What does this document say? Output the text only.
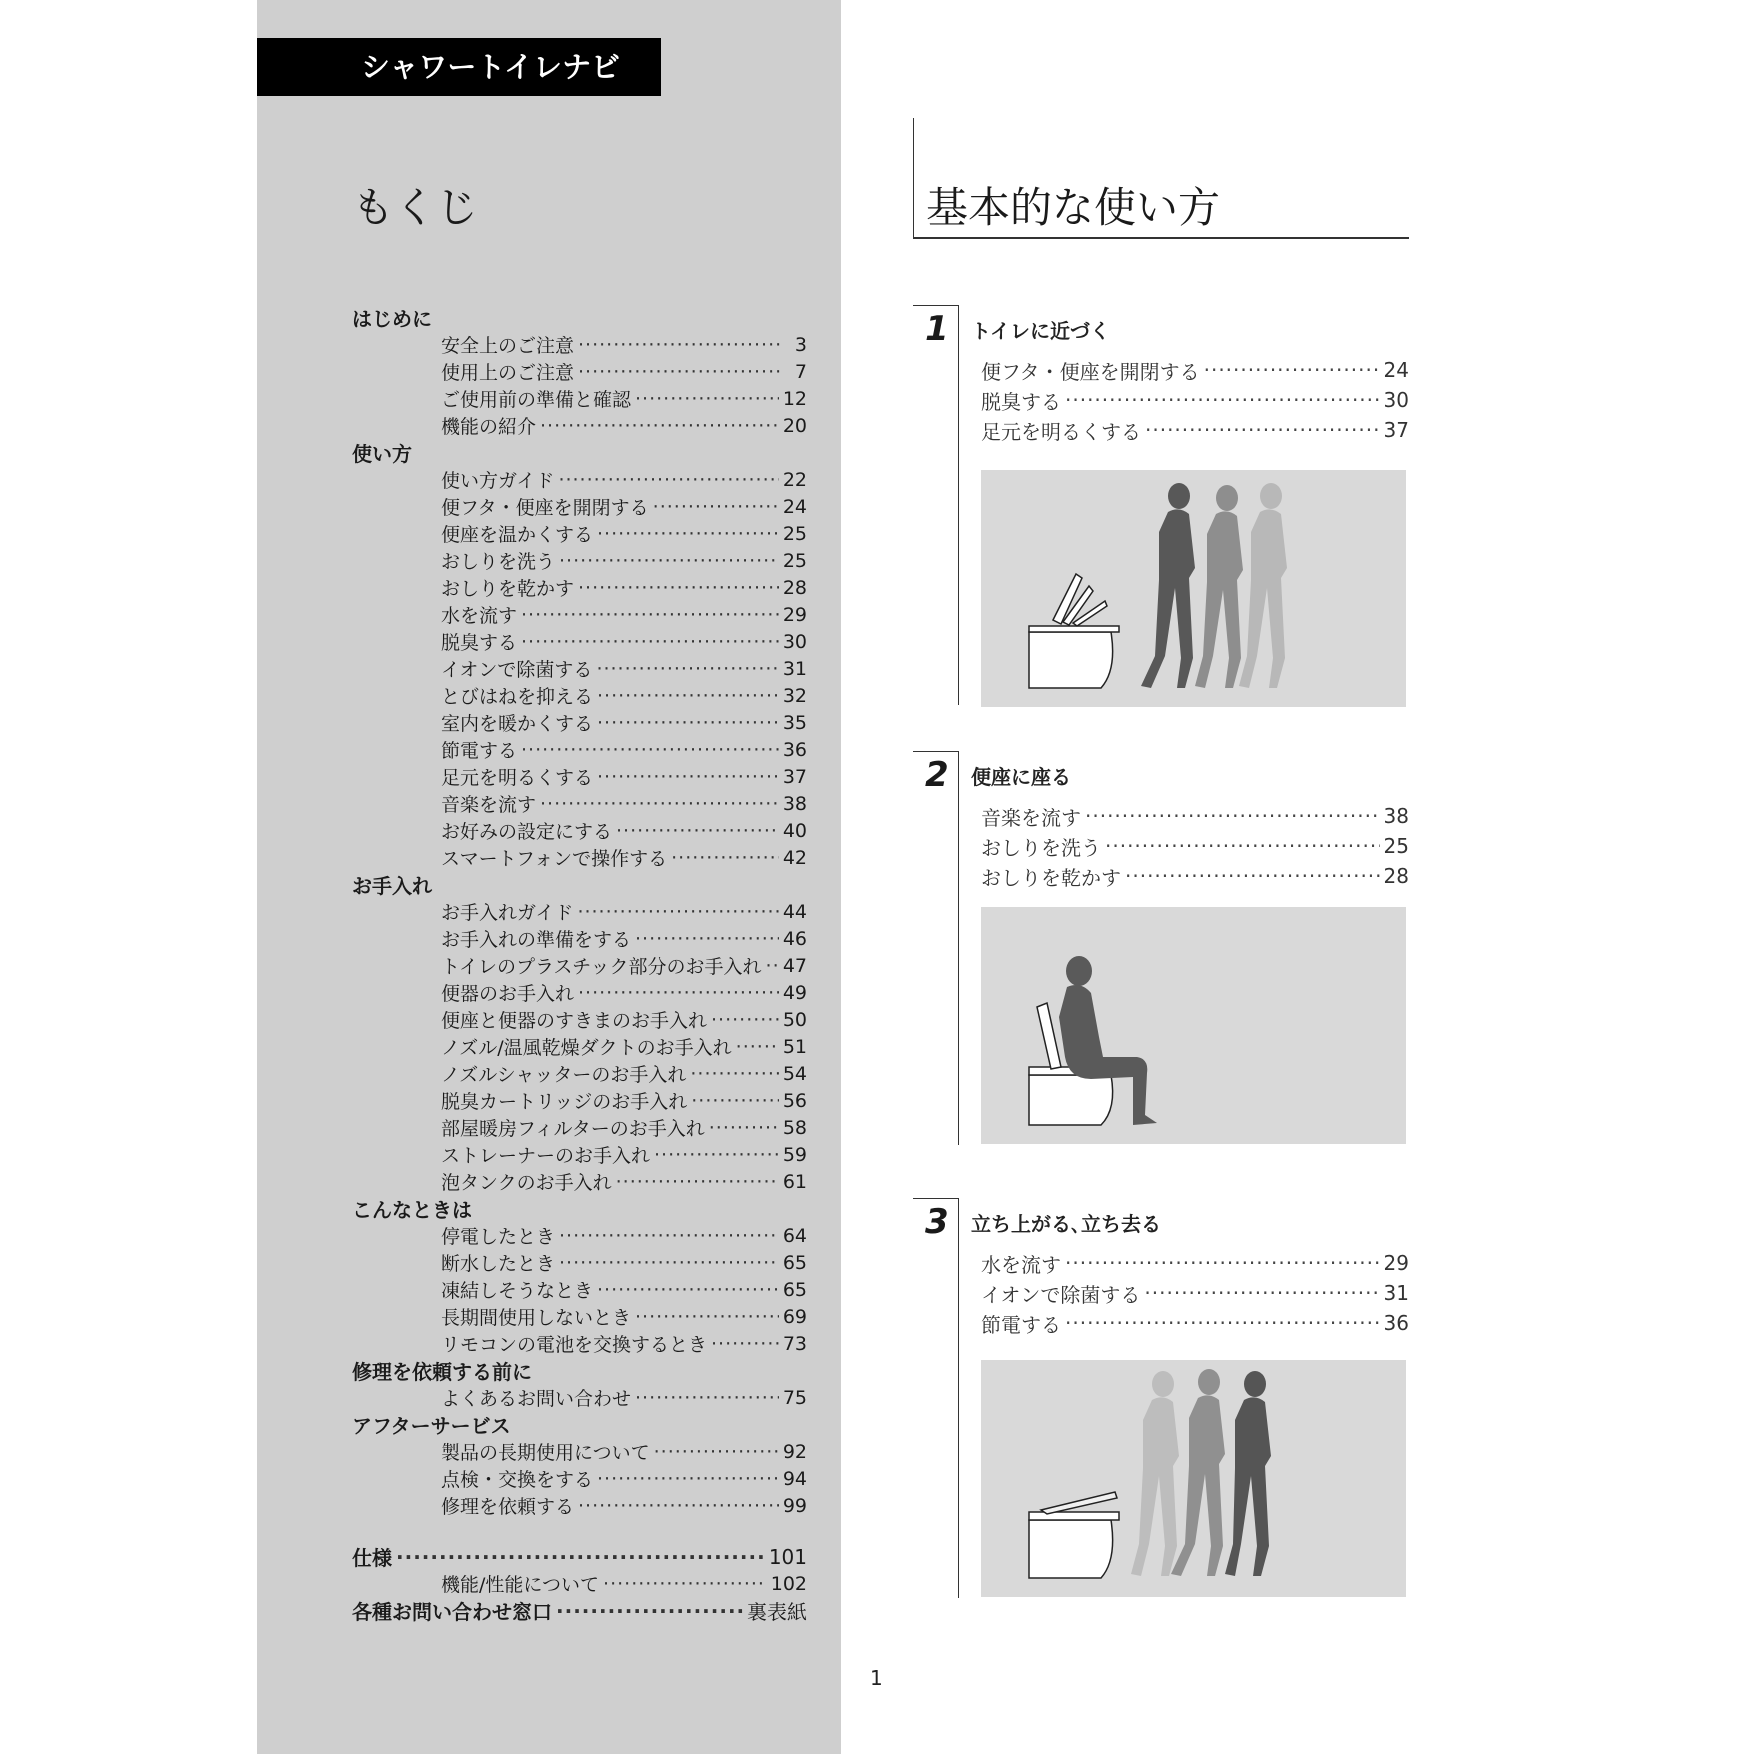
シャワートイレナビ
もくじ
はじめに
安全上のご注意 ·····	3
使用上のご注意 ·····	7
ご使用前の準備と確認 ·····	12
機能の紹介 ·····	20
使い方
使い方ガイド ·····	22
便フタ・便座を開閉する ·····	24
便座を温かくする ·····	25
おしりを洗う ·····	25
おしりを乾かす ·····	28
水を流す ·····	29
脱臭する ·····	30
イオンで除菌する ·····	31
とびはねを抑える ·····	32
室内を暖かくする ·····	35
節電する ·····	36
足元を明るくする ·····	37
音楽を流す ·····	38
お好みの設定にする ·····	40
スマートフォンで操作する ·····	42
お手入れ
お手入れガイド ·····	44
お手入れの準備をする ·····	46
トイレのプラスチック部分のお手入れ ····· 47
便器のお手入れ ·····	49
便座と便器のすきまのお手入れ ·····	50
ノズル/温風乾燥ダクトのお手入れ ·····	51
ノズルシャッターのお手入れ ·····	54
脱臭カートリッジのお手入れ ·····	56
部屋暖房フィルターのお手入れ ·····	58
ストレーナーのお手入れ ·····	59
泡タンクのお手入れ ·····	61
こんなときは
停電したとき ·····	64
断水したとき ·····	65
凍結しそうなとき ·····	65
長期間使用しないとき ·····	69
リモコンの電池を交換するとき ·····	73
修理を依頼する前に
よくあるお問い合わせ ·····	75
アフターサービス
製品の長期使用について ·····	92
点検・交換をする ·····	94
修理を依頼する ·····	99
仕様 ·····	101
機能/性能について ·····	102
各種お問い合わせ窓口 ·····	裏表紙
基本的な使い方
1 トイレに近づく
便フタ・便座を開閉する ·····	24
脱臭する ·····	30
足元を明るくする ·····	37
2 便座に座る
音楽を流す ·····	38
おしりを洗う ·····	25
おしりを乾かす ·····	28
3 立ち上がる､立ち去る
水を流す ·····	29
イオンで除菌する ·····	31
節電する ·····	36
1
